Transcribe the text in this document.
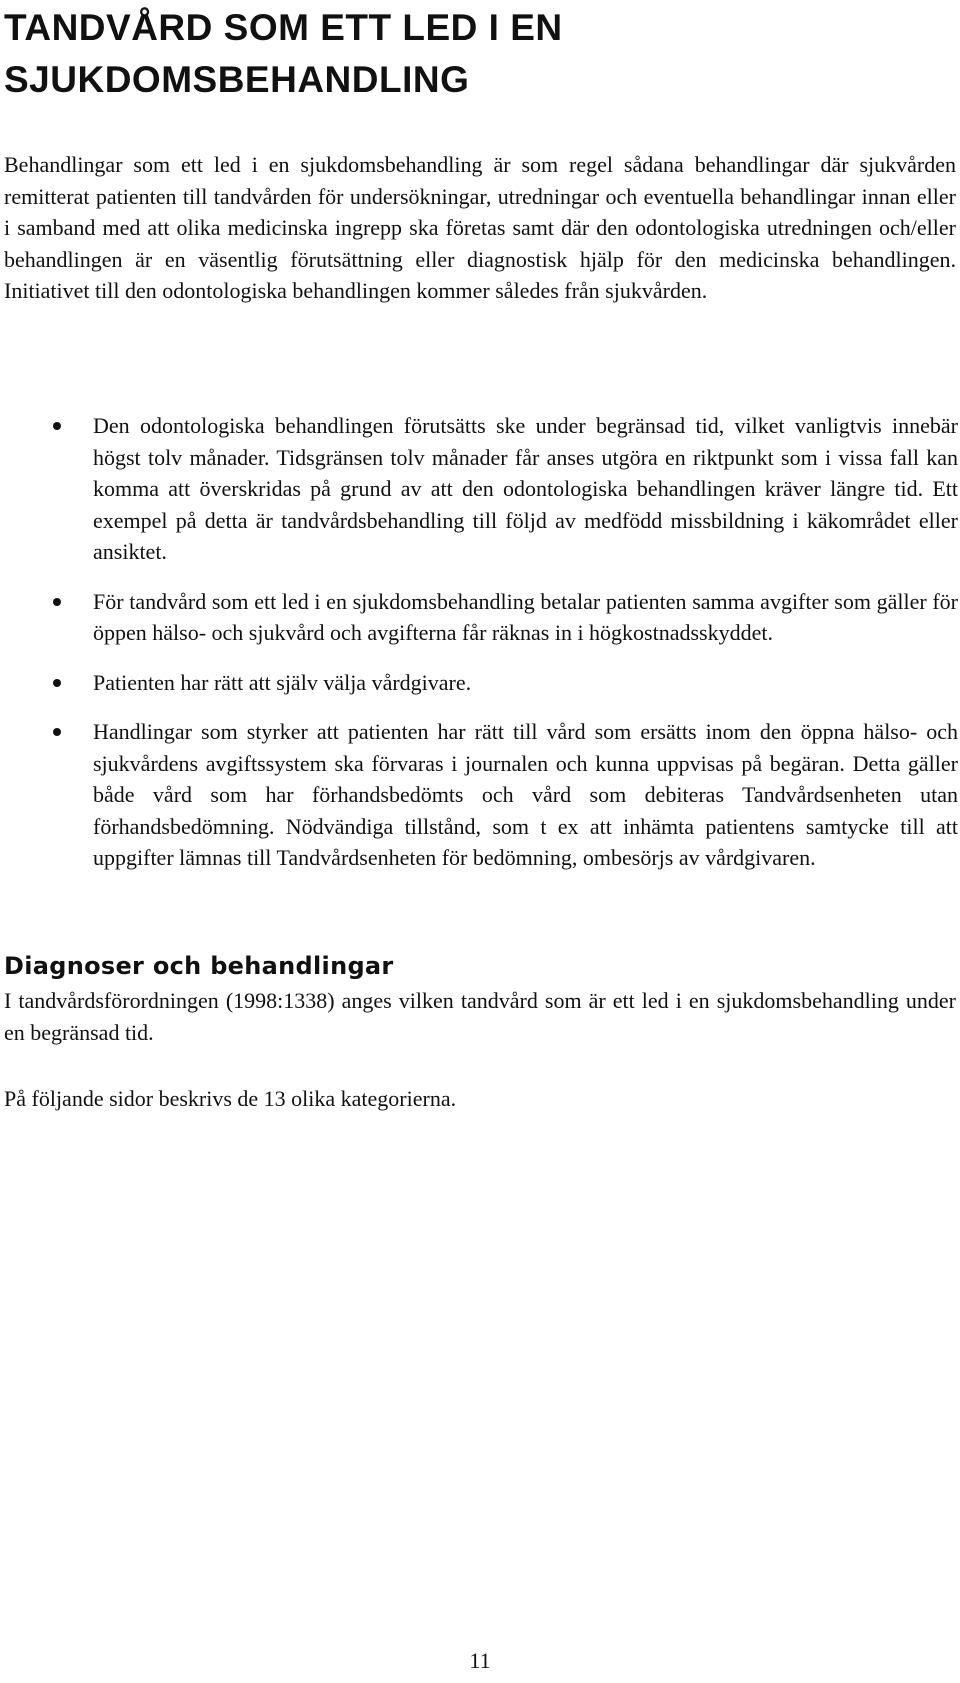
TANDVÅRD SOM ETT LED I EN SJUKDOMSBEHANDLING

Behandlingar som ett led i en sjukdomsbehandling är som regel sådana behandlingar där sjukvården remitterat patienten till tandvården för undersökningar, utredningar och eventuella behandlingar innan eller i samband med att olika medicinska ingrepp ska företas samt där den odontologiska utredningen och/eller behandlingen är en väsentlig förutsättning eller diagnostisk hjälp för den medicinska behandlingen. Initiativet till den odontologiska behandlingen kommer således från sjukvården.

Den odontologiska behandlingen förutsätts ske under begränsad tid, vilket vanligtvis innebär högst tolv månader. Tidsgränsen tolv månader får anses utgöra en riktpunkt som i vissa fall kan komma att överskridas på grund av att den odontologiska behandlingen kräver längre tid. Ett exempel på detta är tandvårdsbehandling till följd av medfödd missbildning i käkområdet eller ansiktet.
För tandvård som ett led i en sjukdomsbehandling betalar patienten samma avgifter som gäller för öppen hälso- och sjukvård och avgifterna får räknas in i högkostnadsskyddet.
Patienten har rätt att själv välja vårdgivare.
Handlingar som styrker att patienten har rätt till vård som ersätts inom den öppna hälso- och sjukvårdens avgiftssystem ska förvaras i journalen och kunna uppvisas på begäran. Detta gäller både vård som har förhandsbedömts och vård som debiteras Tandvårdsenheten utan förhandsbedömning. Nödvändiga tillstånd, som t ex att inhämta patientens samtycke till att uppgifter lämnas till Tandvårdsenheten för bedömning, ombesörjs av vårdgivaren.
Diagnoser och behandlingar

I tandvårdsförordningen (1998:1338) anges vilken tandvård som är ett led i en sjukdomsbehandling under en begränsad tid.

På följande sidor beskrivs de 13 olika kategorierna.

11
